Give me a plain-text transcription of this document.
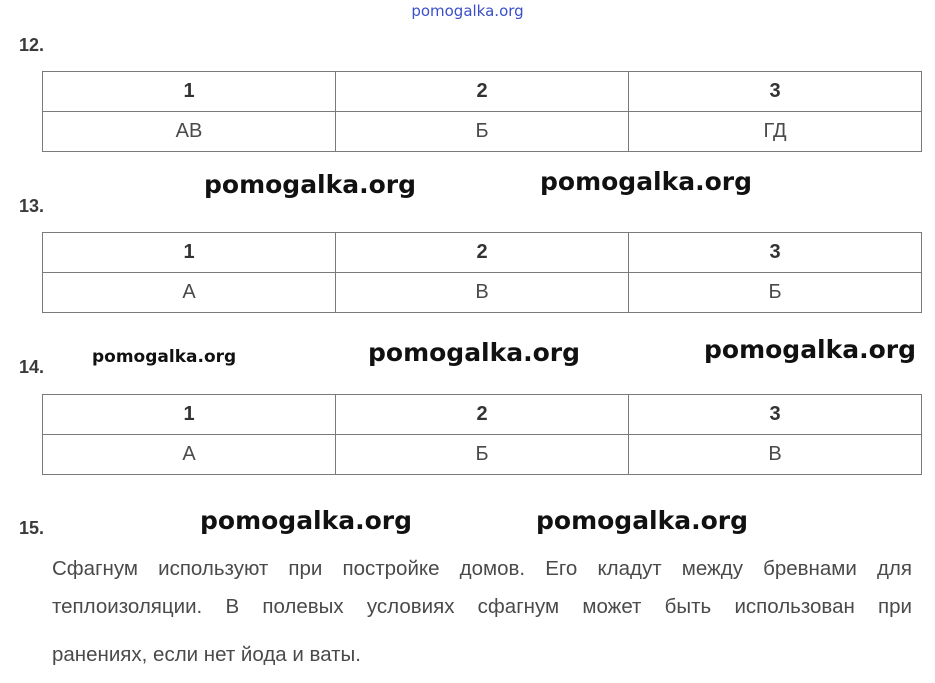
pomogalka.org
12.
1	2	3
АВ	Б	ГД
pomogalka.org	pomogalka.org
13.
1	2	3
А	В	Б
pomogalka.org	pomogalka.org	pomogalka.org
14.
1	2	3
А	Б	В
pomogalka.org	pomogalka.org
15.
Сфагнум используют при постройке домов. Его кладут между бревнами для
теплоизоляции. В полевых условиях сфагнум может быть использован при
ранениях, если нет йода и ваты.
